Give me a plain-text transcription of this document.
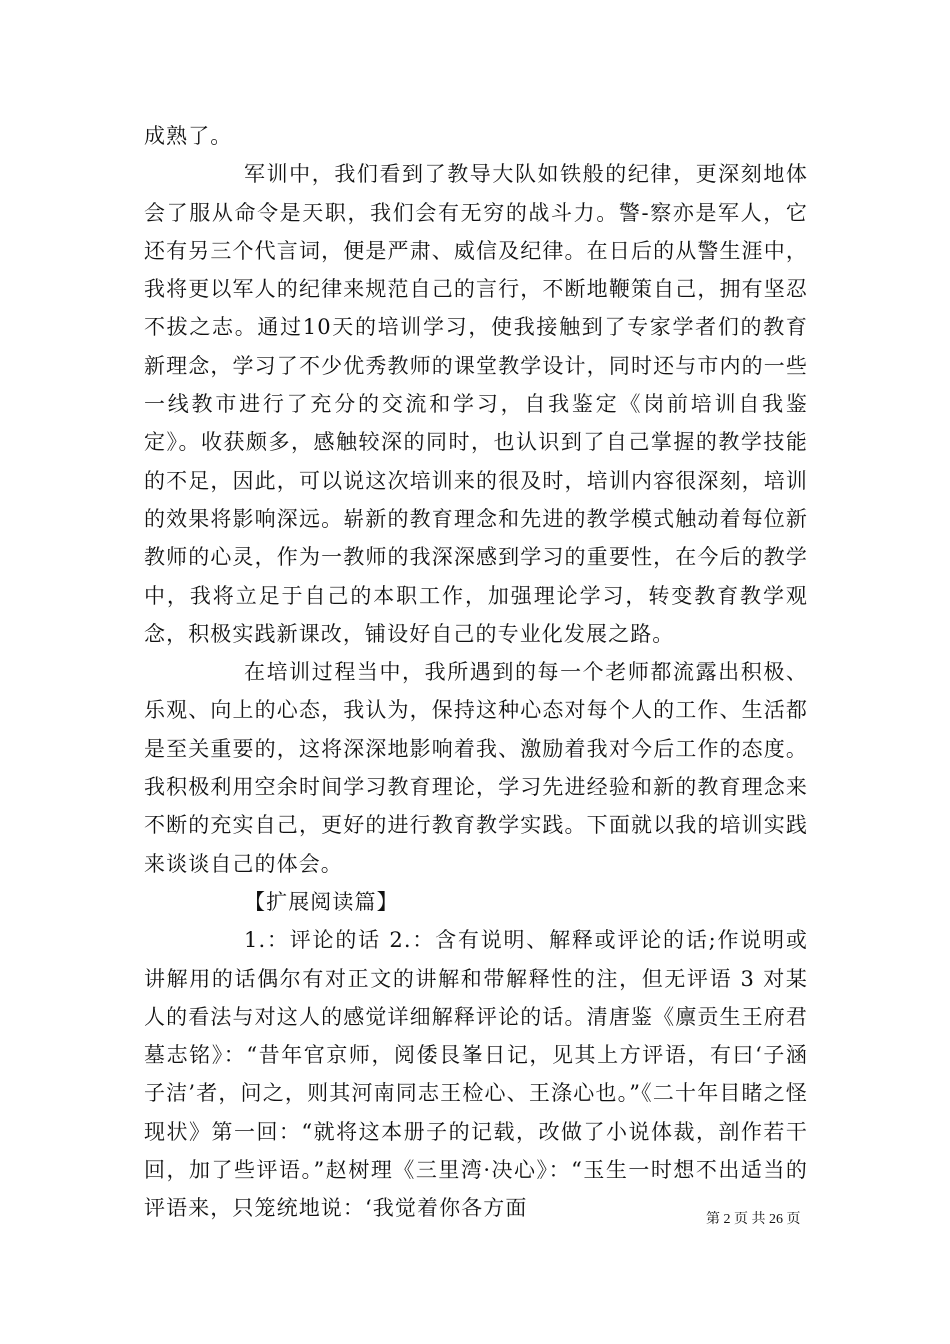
成熟了。

军训中，我们看到了教导大队如铁般的纪律，更深刻地体会了服从命令是天职，我们会有无穷的战斗力。警-察亦是军人，它还有另三个代言词，便是严肃、威信及纪律。在日后的从警生涯中，我将更以军人的纪律来规范自己的言行，不断地鞭策自己，拥有坚忍不拔之志。通过10天的培训学习，使我接触到了专家学者们的教育新理念，学习了不少优秀教师的课堂教学设计，同时还与市内的一些一线教市进行了充分的交流和学习，自我鉴定《岗前培训自我鉴定》。收获颇多，感触较深的同时，也认识到了自己掌握的教学技能的不足，因此，可以说这次培训来的很及时，培训内容很深刻，培训的效果将影响深远。崭新的教育理念和先进的教学模式触动着每位新教师的心灵，作为一教师的我深深感到学习的重要性，在今后的教学中，我将立足于自己的本职工作，加强理论学习，转变教育教学观念，积极实践新课改，铺设好自己的专业化发展之路。

在培训过程当中，我所遇到的每一个老师都流露出积极、乐观、向上的心态，我认为，保持这种心态对每个人的工作、生活都是至关重要的，这将深深地影响着我、激励着我对今后工作的态度。我积极利用空余时间学习教育理论，学习先进经验和新的教育理念来不断的充实自己，更好的进行教育教学实践。下面就以我的培训实践来谈谈自己的体会。

【扩展阅读篇】

1.：评论的话 2.：含有说明、解释或评论的话;作说明或讲解用的话偶尔有对正文的讲解和带解释性的注，但无评语 3 对某人的看法与对这人的感觉详细解释评论的话。清唐鉴《廪贡生王府君墓志铭》：“昔年官京师，阅倭艮峯日记，见其上方评语，有曰‘子涵子洁’者，问之，则其河南同志王检心、王涤心也。”《二十年目睹之怪现状》第一回：“就将这本册子的记载，改做了小说体裁，剖作若干回，加了些评语。”赵树理《三里湾·决心》：“玉生一时想不出适当的评语来，只笼统地说：‘我觉着你各方面	第 2 页 共 26 页
